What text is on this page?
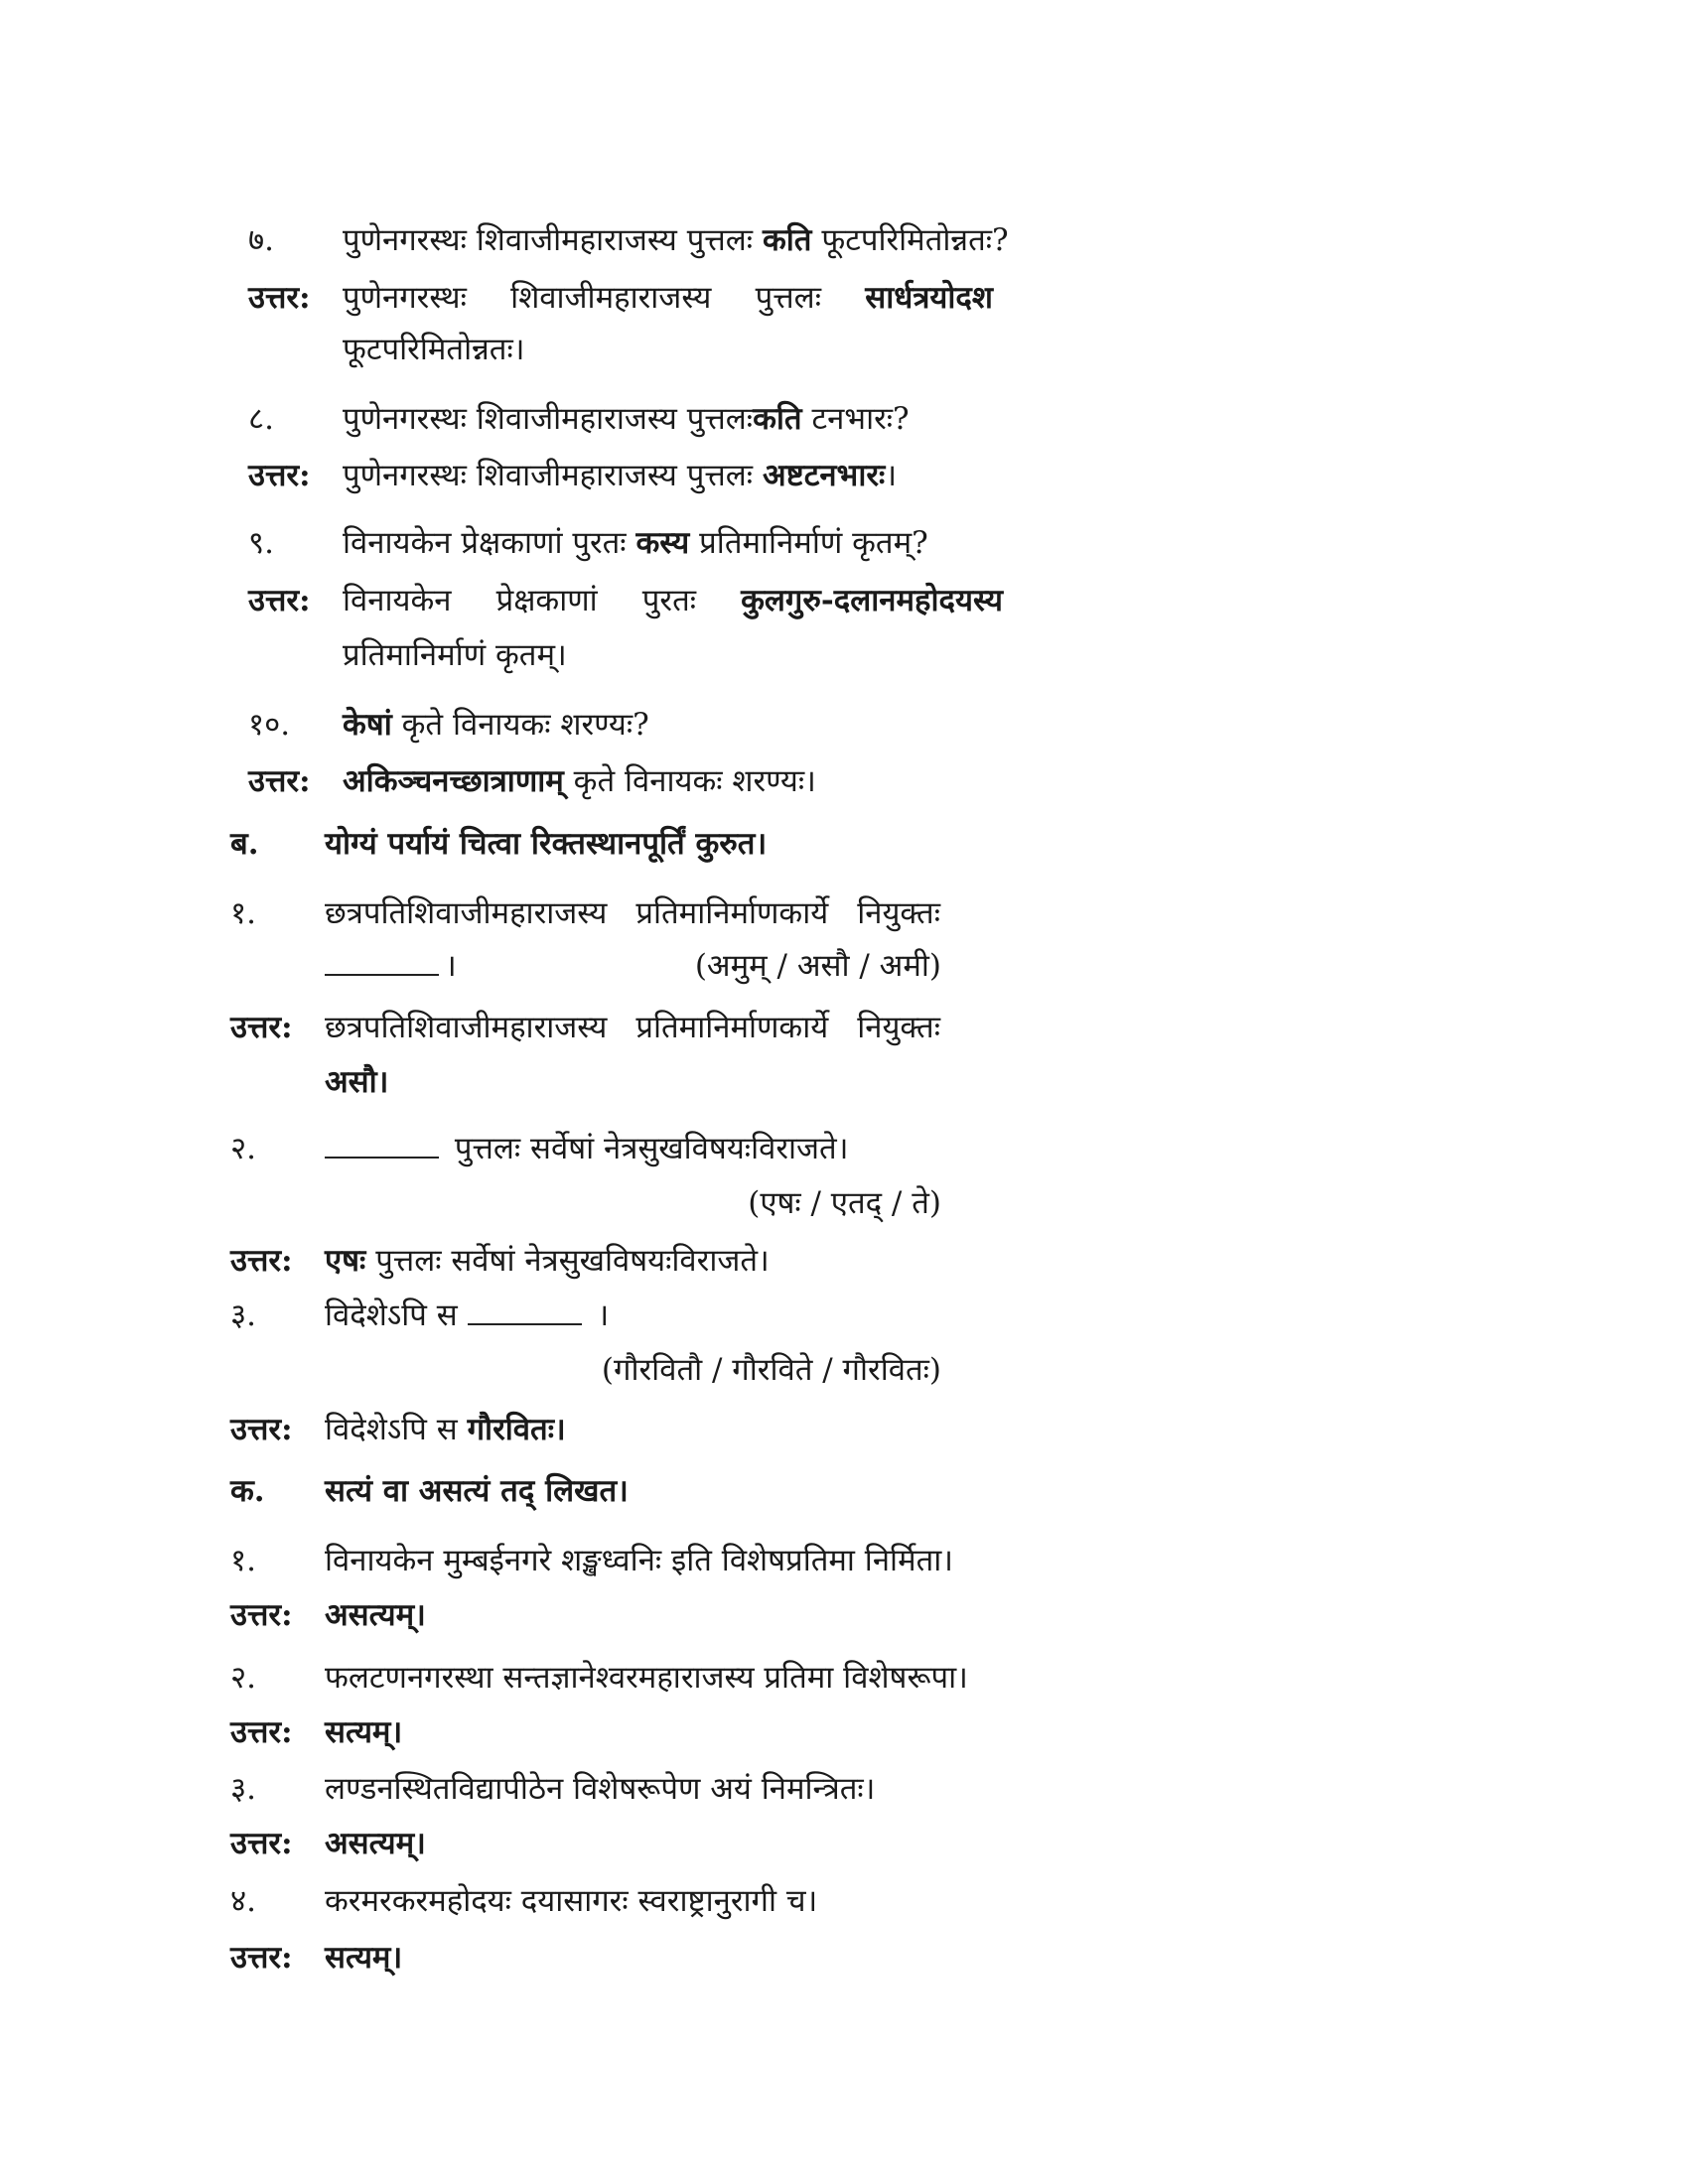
७.	पुणेनगरस्थः शिवाजीमहाराजस्य पुत्तलः कति फूटपरिमितोन्नतः?
उत्तर:	पुणेनगरस्थः शिवाजीमहाराजस्य पुत्तलः सार्धत्रयोदश
फूटपरिमितोन्नतः।
८.	पुणेनगरस्थः शिवाजीमहाराजस्य पुत्तलःकति टनभारः?
उत्तर:	पुणेनगरस्थः शिवाजीमहाराजस्य पुत्तलः अष्टटनभारः।
९.	विनायकेन प्रेक्षकाणां पुरतः कस्य प्रतिमानिर्माणं कृतम्?
उत्तर:	विनायकेन प्रेक्षकाणां पुरतः कुलगुरु-दलानमहोदयस्य
प्रतिमानिर्माणं कृतम्।
१०.	केषां कृते विनायकः शरण्यः?
उत्तर:	अकिञ्चनच्छात्राणाम् कृते विनायकः शरण्यः।
ब.	योग्यं पर्यायं चित्वा रिक्तस्थानपूर्तिं कुरुत।
१.	छत्रपतिशिवाजीमहाराजस्य प्रतिमानिर्माणकार्ये नियुक्तः
।	(अमुम् / असौ / अमी)
उत्तर:	छत्रपतिशिवाजीमहाराजस्य प्रतिमानिर्माणकार्ये नियुक्तः
असौ।
२.	पुत्तलः सर्वेषां नेत्रसुखविषयःविराजते।
(एषः / एतद् / ते)
उत्तर:	एषः पुत्तलः सर्वेषां नेत्रसुखविषयःविराजते।
३.	विदेशेऽपि स	।
(गौरवितौ / गौरविते / गौरवितः)
उत्तर:	विदेशेऽपि स गौरवितः।
क.	सत्यं वा असत्यं तद् लिखत।
१.	विनायकेन मुम्बईनगरे शङ्खध्वनिः इति विशेषप्रतिमा निर्मिता।
उत्तर:	असत्यम्।
२.	फलटणनगरस्था सन्तज्ञानेश्वरमहाराजस्य प्रतिमा विशेषरूपा।
उत्तर:	सत्यम्।
३.	लण्डनस्थितविद्यापीठेन विशेषरूपेण अयं निमन्त्रितः।
उत्तर:	असत्यम्।
४.	करमरकरमहोदयः दयासागरः स्वराष्ट्रानुरागी च।
उत्तर:	सत्यम्।
